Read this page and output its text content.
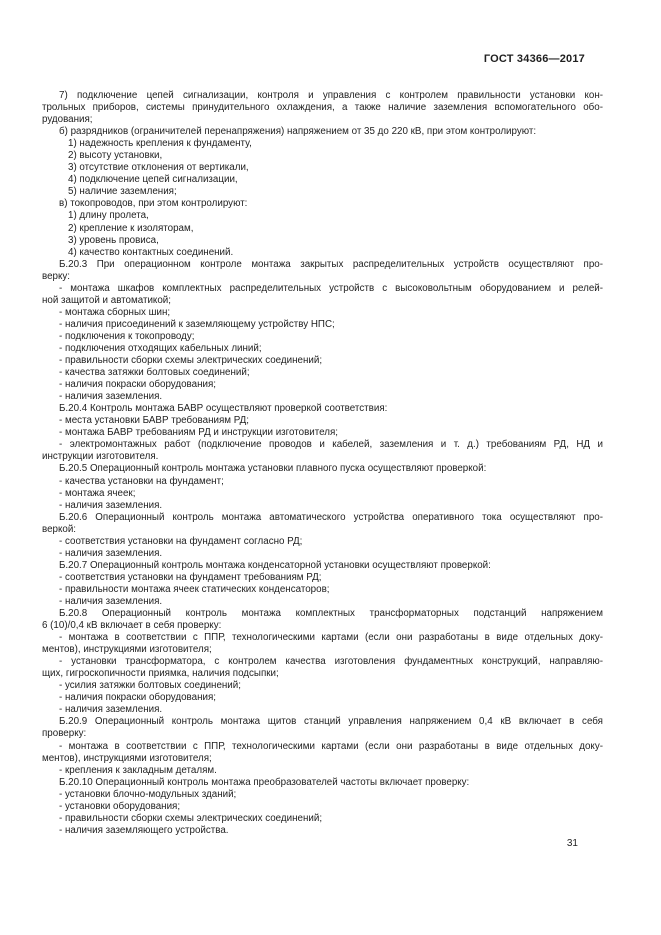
ГОСТ 34366—2017
7) подключение цепей сигнализации, контроля и управления с контролем правильности установки кон-
трольных приборов, системы принудительного охлаждения, а также наличие заземления вспомогательного обо-
рудования;
б) разрядников (ограничителей перенапряжения) напряжением от 35 до 220 кВ, при этом контролируют:
1) надежность крепления к фундаменту,
2) высоту установки,
3) отсутствие отклонения от вертикали,
4) подключение цепей сигнализации,
5) наличие заземления;
в) токопроводов, при этом контролируют:
1) длину пролета,
2) крепление к изоляторам,
3) уровень провиса,
4) качество контактных соединений.
Б.20.3 При операционном контроле монтажа закрытых распределительных устройств осуществляют про-
верку:
- монтажа шкафов комплектных распределительных устройств с высоковольтным оборудованием и релей-
ной защитой и автоматикой;
- монтажа сборных шин;
- наличия присоединений к заземляющему устройству НПС;
- подключения к токопроводу;
- подключения отходящих кабельных линий;
- правильности сборки схемы электрических соединений;
- качества затяжки болтовых соединений;
- наличия покраски оборудования;
- наличия заземления.
Б.20.4 Контроль монтажа БАВР осуществляют проверкой соответствия:
- места установки БАВР требованиям РД;
- монтажа БАВР требованиям РД и инструкции изготовителя;
- электромонтажных работ (подключение проводов и кабелей, заземления и т. д.) требованиям РД, НД и
инструкции изготовителя.
Б.20.5 Операционный контроль монтажа установки плавного пуска осуществляют проверкой:
- качества установки на фундамент;
- монтажа ячеек;
- наличия заземления.
Б.20.6 Операционный контроль монтажа автоматического устройства оперативного тока осуществляют про-
веркой:
- соответствия установки на фундамент согласно РД;
- наличия заземления.
Б.20.7 Операционный контроль монтажа конденсаторной установки осуществляют проверкой:
- соответствия установки на фундамент требованиям РД;
- правильности монтажа ячеек статических конденсаторов;
- наличия заземления.
Б.20.8 Операционный контроль монтажа комплектных трансформаторных подстанций напряжением
6 (10)/0,4 кВ включает в себя проверку:
- монтажа в соответствии с ППР, технологическими картами (если они разработаны в виде отдельных доку-
ментов), инструкциями изготовителя;
- установки трансформатора, с контролем качества изготовления фундаментных конструкций, направляю-
щих, гигроскопичности приямка, наличия подсыпки;
- усилия затяжки болтовых соединений;
- наличия покраски оборудования;
- наличия заземления.
Б.20.9 Операционный контроль монтажа щитов станций управления напряжением 0,4 кВ включает в себя
проверку:
- монтажа в соответствии с ППР, технологическими картами (если они разработаны в виде отдельных доку-
ментов), инструкциями изготовителя;
- крепления к закладным деталям.
Б.20.10 Операционный контроль монтажа преобразователей частоты включает проверку:
- установки блочно-модульных зданий;
- установки оборудования;
- правильности сборки схемы электрических соединений;
- наличия заземляющего устройства.
31
